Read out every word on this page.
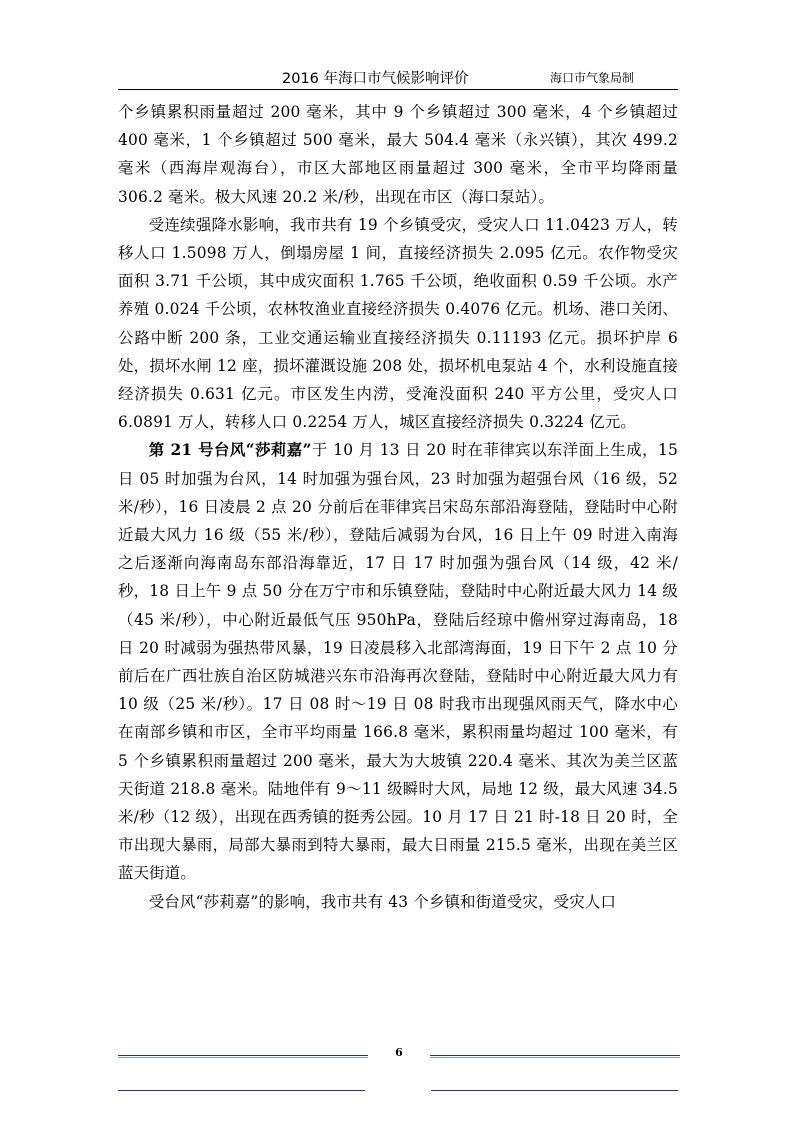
2016 年海口市气候影响评价	海口市气象局制

个乡镇累积雨量超过 200 毫米，其中 9 个乡镇超过 300 毫米，4 个乡镇超过 400 毫米，1 个乡镇超过 500 毫米，最大 504.4 毫米（永兴镇），其次 499.2 毫米（西海岸观海台），市区大部地区雨量超过 300 毫米，全市平均降雨量 306.2 毫米。极大风速 20.2 米/秒，出现在市区（海口泵站）。

受连续强降水影响，我市共有 19 个乡镇受灾，受灾人口 11.0423 万人，转移人口 1.5098 万人，倒塌房屋 1 间，直接经济损失 2.095 亿元。农作物受灾面积 3.71 千公顷，其中成灾面积 1.765 千公顷，绝收面积 0.59 千公顷。水产养殖 0.024 千公顷，农林牧渔业直接经济损失 0.4076 亿元。机场、港口关闭、公路中断 200 条，工业交通运输业直接经济损失 0.11193 亿元。损坏护岸 6 处，损坏水闸 12 座，损坏灌溉设施 208 处，损坏机电泵站 4 个，水利设施直接经济损失 0.631 亿元。市区发生内涝，受淹没面积 240 平方公里，受灾人口 6.0891 万人，转移人口 0.2254 万人，城区直接经济损失 0.3224 亿元。

第 21 号台风“莎莉嘉”于 10 月 13 日 20 时在菲律宾以东洋面上生成，15 日 05 时加强为台风，14 时加强为强台风，23 时加强为超强台风（16 级，52 米/秒），16 日凌晨 2 点 20 分前后在菲律宾吕宋岛东部沿海登陆，登陆时中心附近最大风力 16 级（55 米/秒），登陆后减弱为台风，16 日上午 09 时进入南海之后逐渐向海南岛东部沿海靠近，17 日 17 时加强为强台风（14 级，42 米/秒，18 日上午 9 点 50 分在万宁市和乐镇登陆，登陆时中心附近最大风力 14 级（45 米/秒），中心附近最低气压 950hPa，登陆后经琼中儋州穿过海南岛，18 日 20 时减弱为强热带风暴，19 日凌晨移入北部湾海面，19 日下午 2 点 10 分前后在广西壮族自治区防城港兴东市沿海再次登陆，登陆时中心附近最大风力有 10 级（25 米/秒）。17 日 08 时～19 日 08 时我市出现强风雨天气，降水中心在南部乡镇和市区，全市平均雨量 166.8 毫米，累积雨量均超过 100 毫米，有 5 个乡镇累积雨量超过 200 毫米，最大为大坡镇 220.4 毫米、其次为美兰区蓝天街道 218.8 毫米。陆地伴有 9～11 级瞬时大风，局地 12 级，最大风速 34.5 米/秒（12 级），出现在西秀镇的挺秀公园。10 月 17 日 21 时-18 日 20 时，全市出现大暴雨，局部大暴雨到特大暴雨，最大日雨量 215.5 毫米，出现在美兰区蓝天街道。

受台风“莎莉嘉”的影响，我市共有 43 个乡镇和街道受灾，受灾人口

6
